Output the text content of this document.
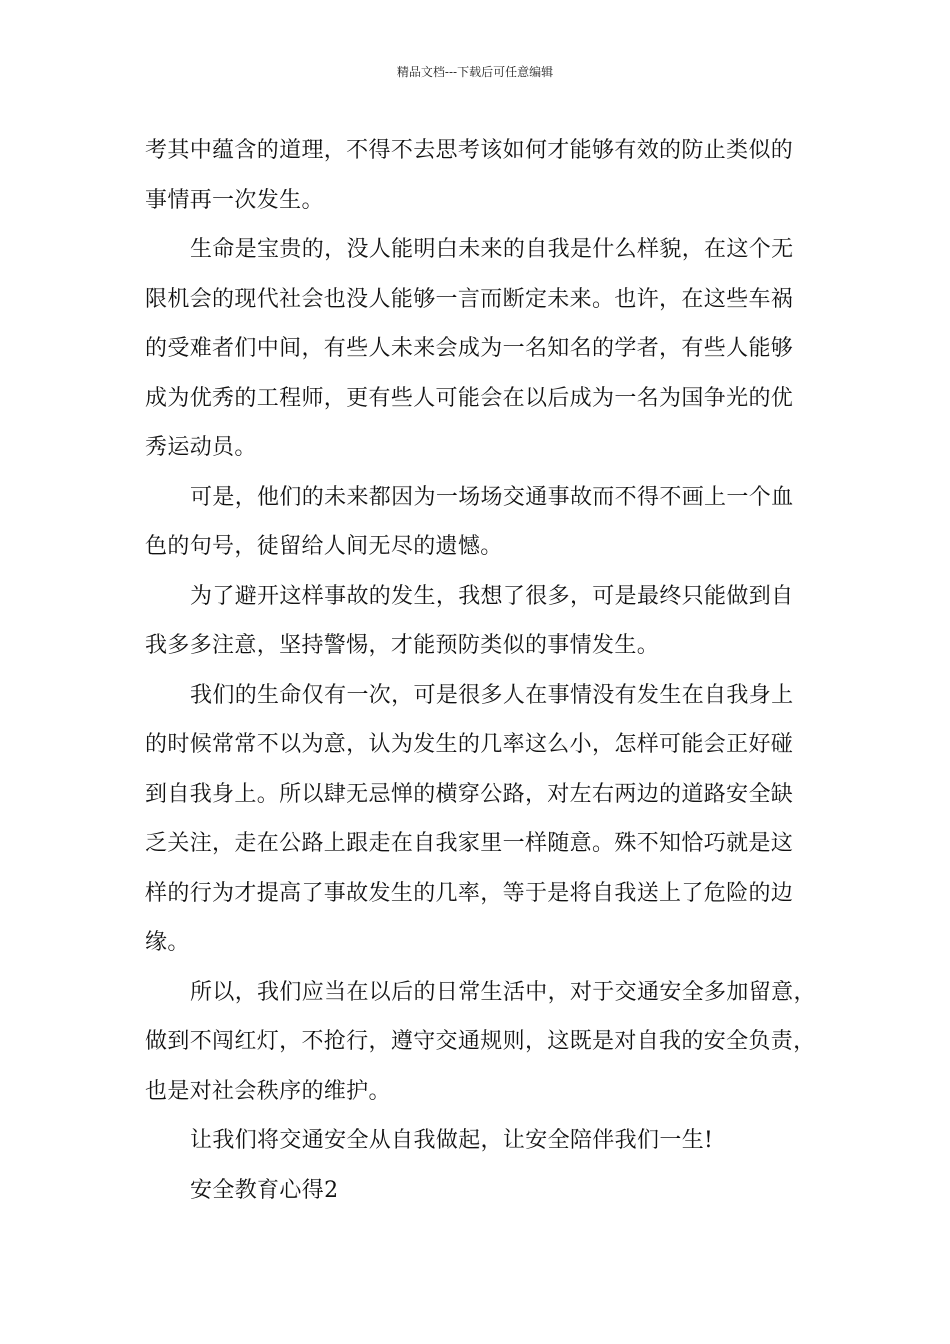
精品文档---下载后可任意编辑
考其中蕴含的道理，不得不去思考该如何才能够有效的防止类似的
事情再一次发生。
生命是宝贵的，没人能明白未来的自我是什么样貌，在这个无
限机会的现代社会也没人能够一言而断定未来。也许，在这些车祸
的受难者们中间，有些人未来会成为一名知名的学者，有些人能够
成为优秀的工程师，更有些人可能会在以后成为一名为国争光的优
秀运动员。
可是，他们的未来都因为一场场交通事故而不得不画上一个血
色的句号，徒留给人间无尽的遗憾。
为了避开这样事故的发生，我想了很多，可是最终只能做到自
我多多注意，坚持警惕，才能预防类似的事情发生。
我们的生命仅有一次，可是很多人在事情没有发生在自我身上
的时候常常不以为意，认为发生的几率这么小，怎样可能会正好碰
到自我身上。所以肆无忌惮的横穿公路，对左右两边的道路安全缺
乏关注，走在公路上跟走在自我家里一样随意。殊不知恰巧就是这
样的行为才提高了事故发生的几率，等于是将自我送上了危险的边
缘。
所以，我们应当在以后的日常生活中，对于交通安全多加留意，
做到不闯红灯，不抢行，遵守交通规则，这既是对自我的安全负责，
也是对社会秩序的维护。
让我们将交通安全从自我做起，让安全陪伴我们一生!
安全教育心得2
